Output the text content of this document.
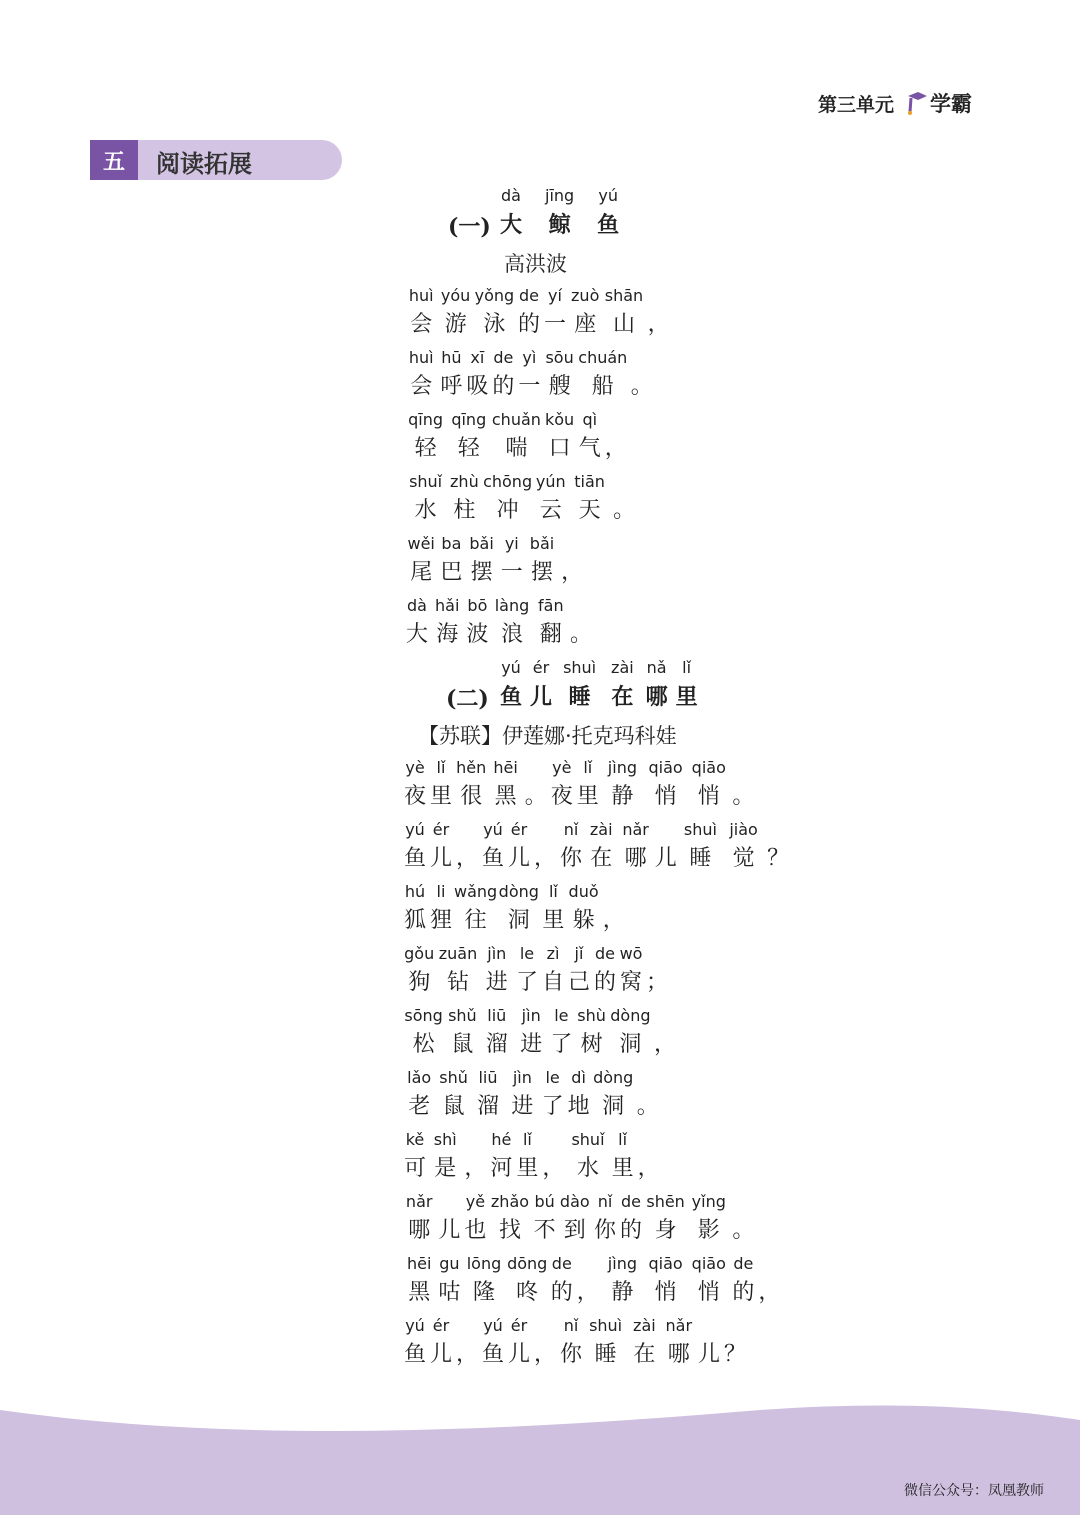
第三单元 学霸
五	阅读拓展
(一)
dà
大
jīng
鲸
yú
鱼
高洪波
huì
会
yóu
游
yǒng
泳
de
的
yí
一
zuò
座
shān
山 ，
huì
会
hū
呼
xī
吸
de
的
yì
一
sōu
艘
chuán
船 。
qīng
轻
qīng
轻
chuǎn
喘
kǒu
口
qì
气 ，
shuǐ
水
zhù
柱
chōng
冲
yún
云
tiān
天 。
wěi
尾
ba
巴
bǎi
摆
yi
一
bǎi
摆 ，
dà
大
hǎi
海
bō
波
làng
浪
fān
翻 。
(二)
yú
鱼
ér
儿
shuì
睡
zài
在
nǎ
哪
lǐ
里
【苏联】伊莲娜·托克玛科娃
yè
夜
lǐ
里
hěn
很
hēi
黑 。
yè
夜
lǐ
里
jìng
静
qiāo
悄
qiāo
悄 。
yú
鱼
ér
儿 ，
yú
鱼
ér
儿 ，
nǐ
你
zài
在
nǎr
哪 儿
shuì
睡
jiào
觉 ？
hú
狐
li
狸
wǎng
往
dòng
洞
lǐ
里
duǒ
躲 ，
gǒu
狗
zuān
钻
jìn
进
le
了
zì
自
jǐ
己
de
的
wō
窝 ；
sōng
松
shǔ
鼠
liū
溜
jìn
进
le
了
shù
树
dòng
洞 ，
lǎo
老
shǔ
鼠
liū
溜
jìn
进
le
了
dì
地
dòng
洞 。
kě
可
shì
是 ，
hé
河
lǐ
里 ，
shuǐ
水
lǐ
里 ，
nǎr
哪 儿
yě
也
zhǎo
找
bú
不
dào
到
nǐ
你
de
的
shēn
身
yǐng
影 。
hēi
黑
gu
咕
lōng
隆
dōng
咚
de
的 ，
jìng
静
qiāo
悄
qiāo
悄
de
的 ，
yú
鱼
ér
儿 ，
yú
鱼
ér
儿 ，
nǐ
你
shuì
睡
zài
在
nǎr
哪 儿 ？
微信公众号：凤凰教师
